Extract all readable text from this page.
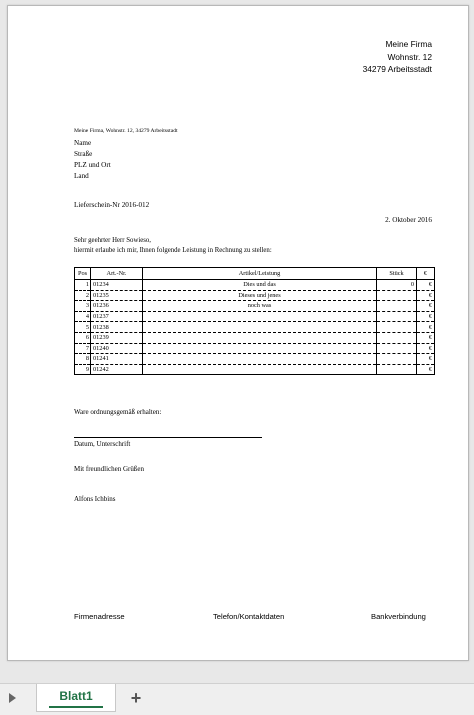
Meine Firma
Wohnstr. 12
34279 Arbeitsstadt
Meine Firma, Wohnstr. 12, 34279 Arbeitsstadt
Name
Straße
PLZ und Ort
Land
Lieferschein-Nr 2016-012
2. Oktober 2016
Sehr geehrter Herr Sowieso,
hiermit erlaube ich mir, Ihnen folgende Leistung in Rechnung zu stellen:
Pos	Art.-Nr.	Artikel/Leistung	Stück	€
1	01234	Dies und das	0	€
2	01235	Dieses und jenes		€
3	01236	noch was		€
4	01237			€
5	01238			€
6	01239			€
7	01240			€
8	01241			€
9	01242			€
Ware ordnungsgemäß erhalten:
Datum, Unterschrift
Mit freundlichen Grüßen
Alfons Ichbins
Firmenadresse	Telefon/Kontaktdaten	Bankverbindung
Blatt1	+
